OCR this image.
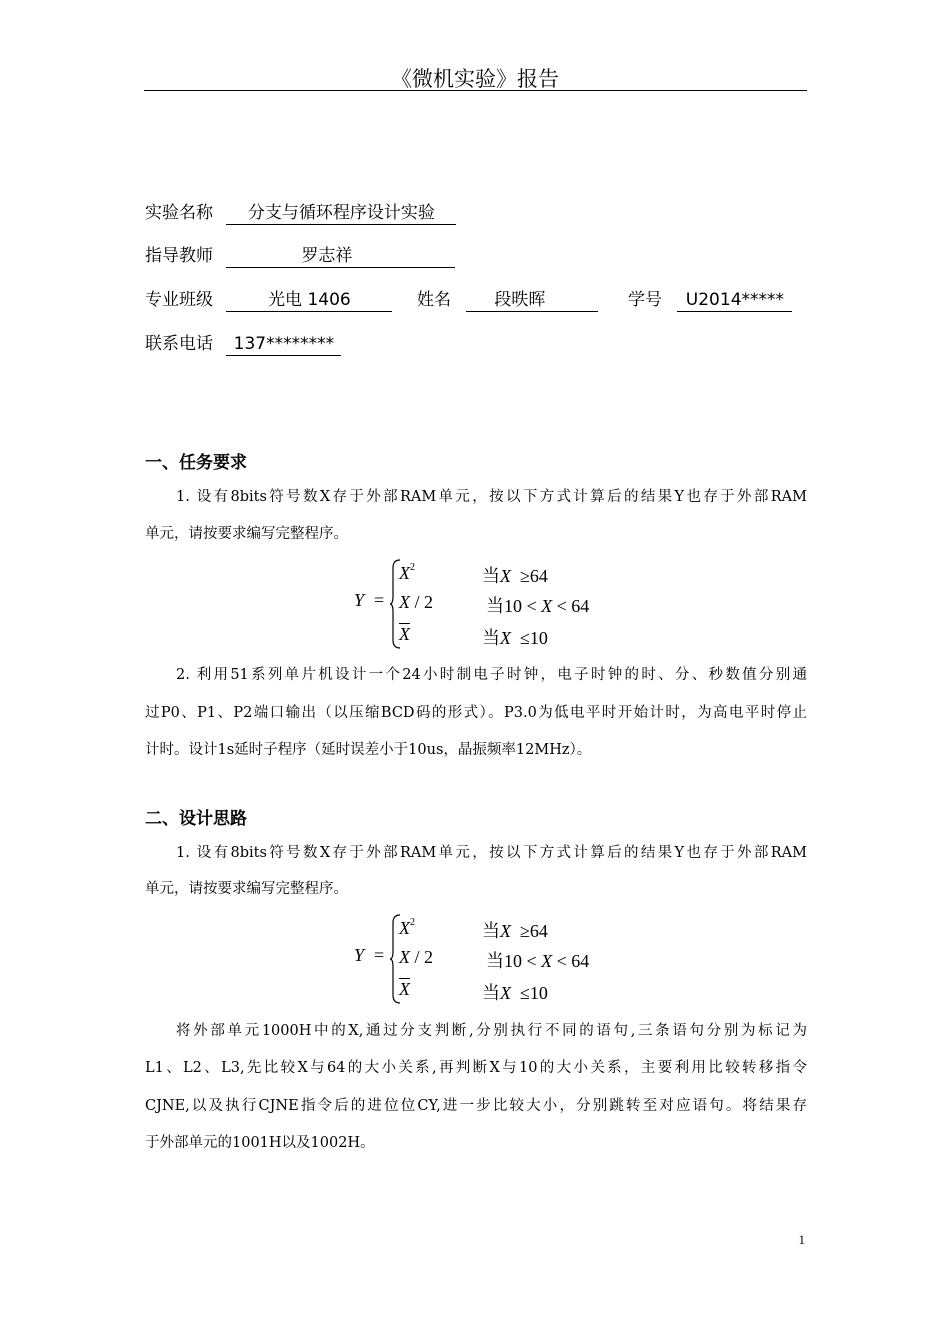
《微机实验》报告
实验名称 分支与循环程序设计实验
指导教师	罗志祥
专业班级	光电 1406	姓名	段昳晖	学号 U2014*****
联系电话 137********
一、任务要求
1. 设有8bits符号数X存于外部RAM单元，按以下方式计算后的结果Y也存于外部RAM
单元，请按要求编写完整程序。
Y =
$X^2$	当X ≥64
X / 2	当10 < X < 64
$\overline{X}$	当X ≤10
2. 利用51系列单片机设计一个24小时制电子时钟，电子时钟的时、分、秒数值分别通
过P0、P1、P2端口输出（以压缩BCD码的形式）。P3.0为低电平时开始计时，为高电平时停止
计时。设计1s延时子程序（延时误差小于10us，晶振频率12MHz）。
二、设计思路
1. 设有8bits符号数X存于外部RAM单元，按以下方式计算后的结果Y也存于外部RAM
单元，请按要求编写完整程序。
Y =
$X^2$	当X ≥64
X / 2	当10 < X < 64
$\overline{X}$	当X ≤10
将外部单元1000H中的X,通过分支判断,分别执行不同的语句,三条语句分别为标记为
L1、L2、L3,先比较X与64的大小关系,再判断X与10的大小关系，主要利用比较转移指令
CJNE,以及执行CJNE指令后的进位位CY,进一步比较大小，分别跳转至对应语句。将结果存
于外部单元的1001H以及1002H。
1
